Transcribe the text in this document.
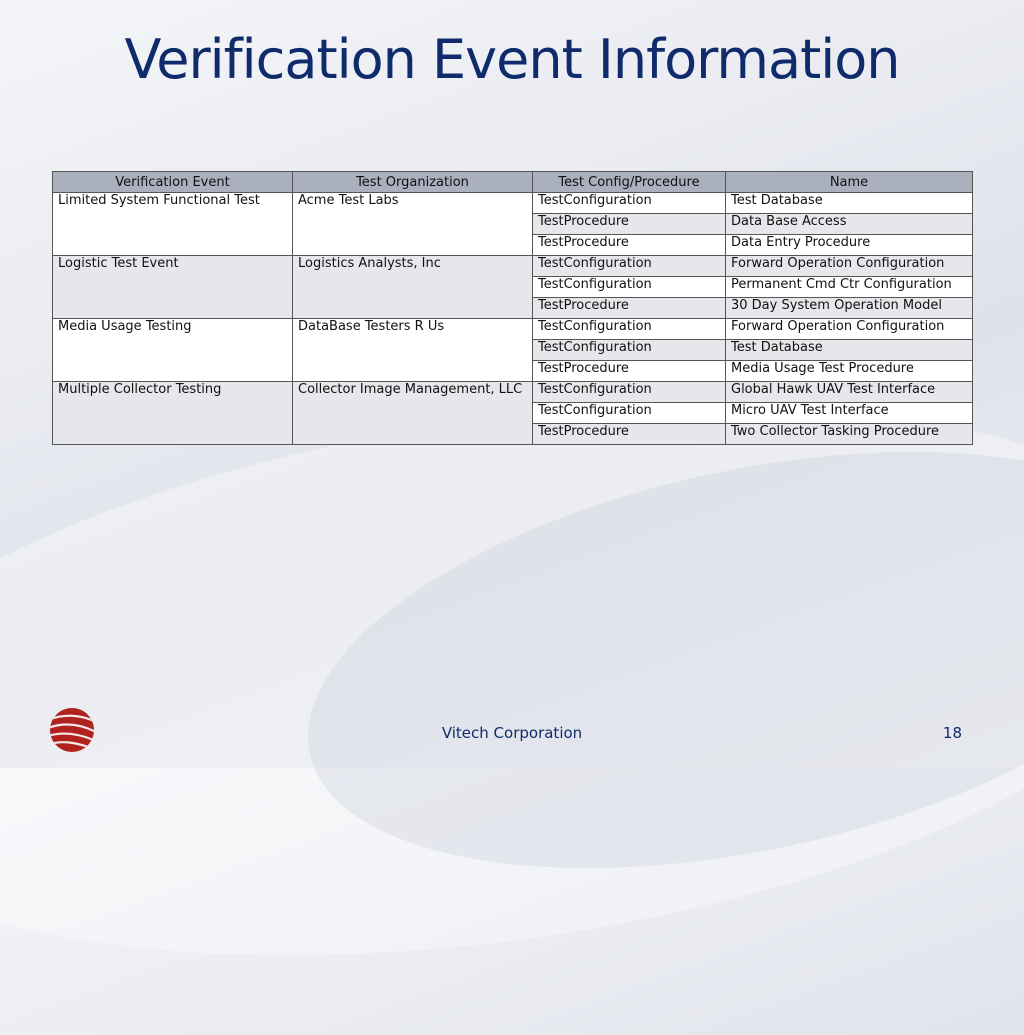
Verification Event Information
Verification Event	Test Organization	Test Config/Procedure	Name
Limited System Functional Test	Acme Test Labs	TestConfiguration	Test Database
		TestProcedure	Data Base Access
		TestProcedure	Data Entry Procedure
Logistic Test Event	Logistics Analysts, Inc	TestConfiguration	Forward Operation Configuration
		TestConfiguration	Permanent Cmd Ctr Configuration
		TestProcedure	30 Day System Operation Model
Media Usage Testing	DataBase Testers R Us	TestConfiguration	Forward Operation Configuration
		TestConfiguration	Test Database
		TestProcedure	Media Usage Test Procedure
Multiple Collector Testing	Collector Image Management, LLC	TestConfiguration	Global Hawk UAV Test Interface
		TestConfiguration	Micro UAV Test Interface
		TestProcedure	Two Collector Tasking Procedure
Vitech Corporation	18
